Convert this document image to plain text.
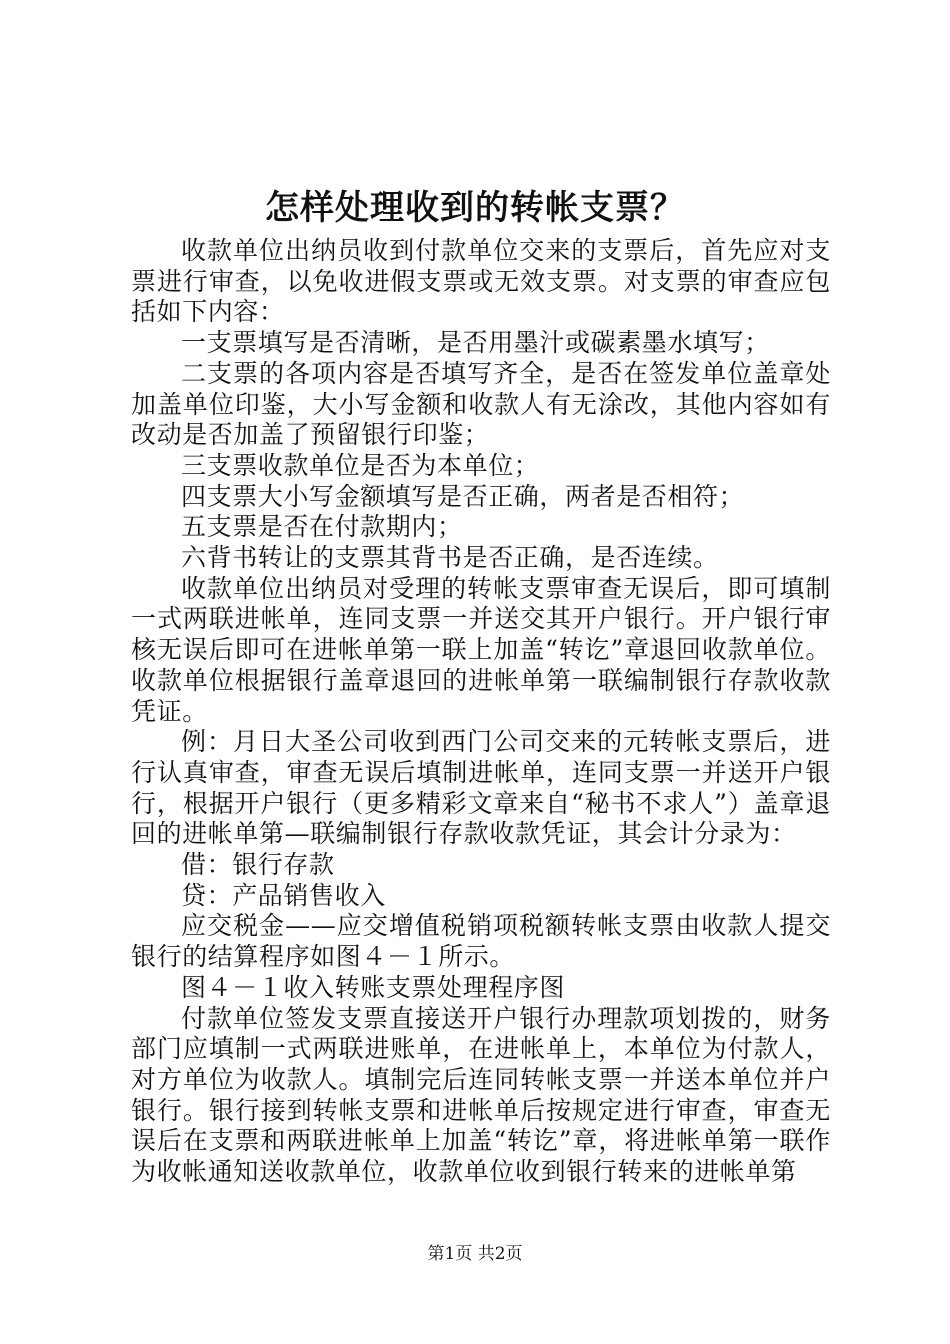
怎样处理收到的转帐支票？

收款单位出纳员收到付款单位交来的支票后，首先应对支票进行审查，以免收进假支票或无效支票。对支票的审查应包括如下内容：

一支票填写是否清晰，是否用墨汁或碳素墨水填写；

二支票的各项内容是否填写齐全，是否在签发单位盖章处加盖单位印鉴，大小写金额和收款人有无涂改，其他内容如有改动是否加盖了预留银行印鉴；

三支票收款单位是否为本单位；

四支票大小写金额填写是否正确，两者是否相符；

五支票是否在付款期内；

六背书转让的支票其背书是否正确，是否连续。

收款单位出纳员对受理的转帐支票审查无误后，即可填制一式两联进帐单，连同支票一并送交其开户银行。开户银行审核无误后即可在进帐单第一联上加盖“转讫”章退回收款单位。收款单位根据银行盖章退回的进帐单第一联编制银行存款收款凭证。

例：月日大圣公司收到西门公司交来的元转帐支票后，进行认真审查，审查无误后填制进帐单，连同支票一并送开户银行，根据开户银行（更多精彩文章来自“秘书不求人”）盖章退回的进帐单第—联编制银行存款收款凭证，其会计分录为：

借：银行存款

贷：产品销售收入

应交税金——应交增值税销项税额转帐支票由收款人提交银行的结算程序如图４－１所示。

图４－１收入转账支票处理程序图

付款单位签发支票直接送开户银行办理款项划拨的，财务部门应填制一式两联进账单，在进帐单上，本单位为付款人，对方单位为收款人。填制完后连同转帐支票一并送本单位并户银行。银行接到转帐支票和进帐单后按规定进行审查，审查无误后在支票和两联进帐单上加盖“转讫”章，将进帐单第一联作为收帐通知送收款单位，收款单位收到银行转来的进帐单第

第1页 共2页
